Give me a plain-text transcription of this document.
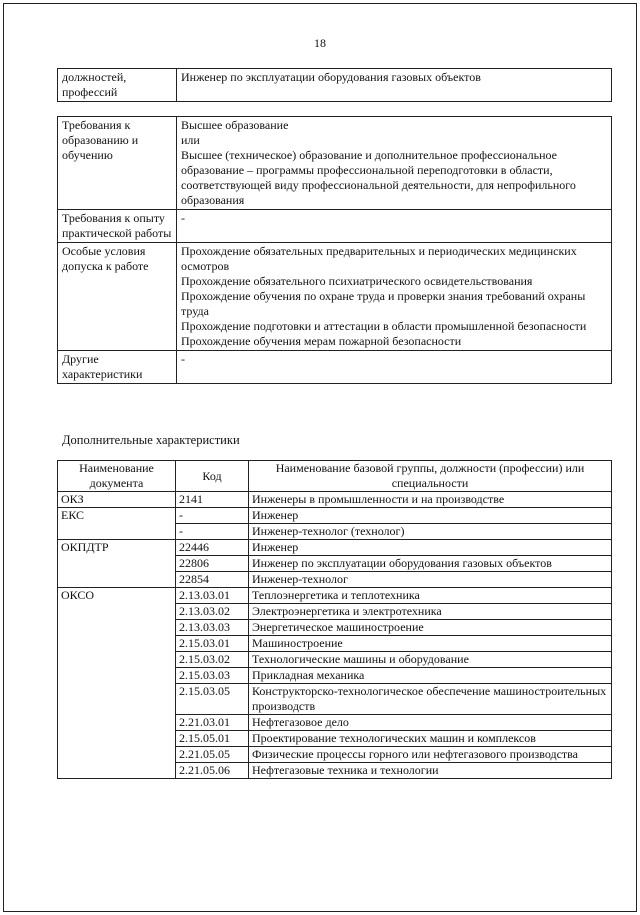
18
должностей, профессий	Инженер по эксплуатации оборудования газовых объектов
Требования к образованию и обучению	Высшее образование
или
Высшее (техническое) образование и дополнительное профессиональное образование – программы профессиональной переподготовки в области, соответствующей виду профессиональной деятельности, для непрофильного образования

Требования к опыту практической работы	-

Особые условия допуска к работе	Прохождение обязательных предварительных и периодических медицинских осмотров
Прохождение обязательного психиатрического освидетельствования
Прохождение обучения по охране труда и проверки знания требований охраны труда
Прохождение подготовки и аттестации в области промышленной безопасности
Прохождение обучения мерам пожарной безопасности

Другие характеристики	-
Дополнительные характеристики
Наименование документа	Код	Наименование базовой группы, должности (профессии) или специальности
ОКЗ	2141	Инженеры в промышленности и на производстве
ЕКС	-	Инженер
	-	Инженер-технолог (технолог)
ОКПДТР	22446	Инженер
	22806	Инженер по эксплуатации оборудования газовых объектов
	22854	Инженер-технолог
ОКСО	2.13.03.01	Теплоэнергетика и теплотехника
	2.13.03.02	Электроэнергетика и электротехника
	2.13.03.03	Энергетическое машиностроение
	2.15.03.01	Машиностроение
	2.15.03.02	Технологические машины и оборудование
	2.15.03.03	Прикладная механика
	2.15.03.05	Конструкторско-технологическое обеспечение машиностроительных производств
	2.21.03.01	Нефтегазовое дело
	2.15.05.01	Проектирование технологических машин и комплексов
	2.21.05.05	Физические процессы горного или нефтегазового производства
	2.21.05.06	Нефтегазовые техника и технологии
